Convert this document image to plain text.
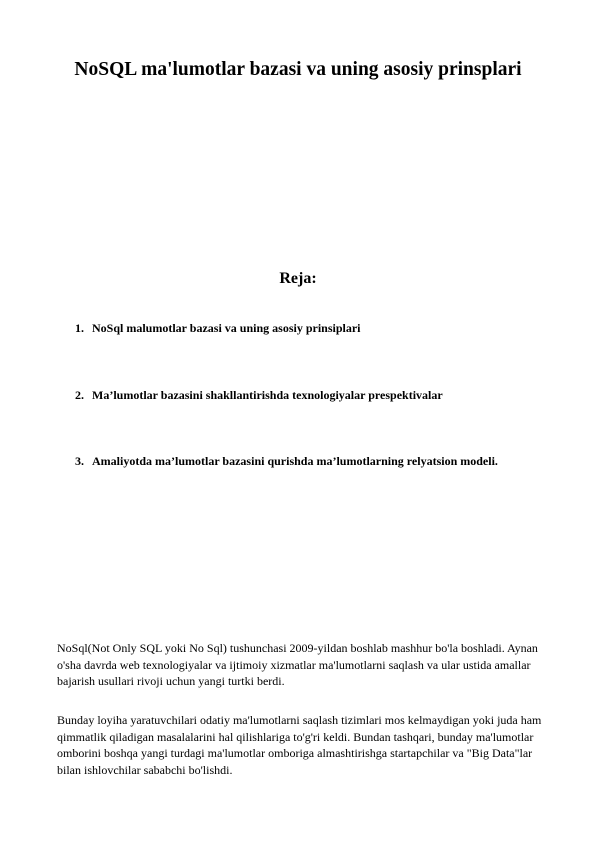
NoSQL ma'lumotlar bazasi va uning asosiy prinsplari
Reja:
1. NoSql malumotlar bazasi va uning asosiy prinsiplari
2. Ma’lumotlar bazasini shakllantirishda texnologiyalar prespektivalar
3. Amaliyotda ma’lumotlar bazasini qurishda ma’lumotlarning relyatsion modeli.

NoSql(Not Only SQL yoki No Sql) tushunchasi 2009-yildan boshlab mashhur bo'la boshladi. Aynan o'sha davrda web texnologiyalar va ijtimoiy xizmatlar ma'lumotlarni saqlash va ular ustida amallar bajarish usullari rivoji uchun yangi turtki berdi.

Bunday loyiha yaratuvchilari odatiy ma'lumotlarni saqlash tizimlari mos kelmaydigan yoki juda ham qimmatlik qiladigan masalalarini hal qilishlariga to'g'ri keldi. Bundan tashqari, bunday ma'lumotlar omborini boshqa yangi turdagi ma'lumotlar omboriga almashtirishga startapchilar va "Big Data"lar bilan ishlovchilar sababchi bo'lishdi.
